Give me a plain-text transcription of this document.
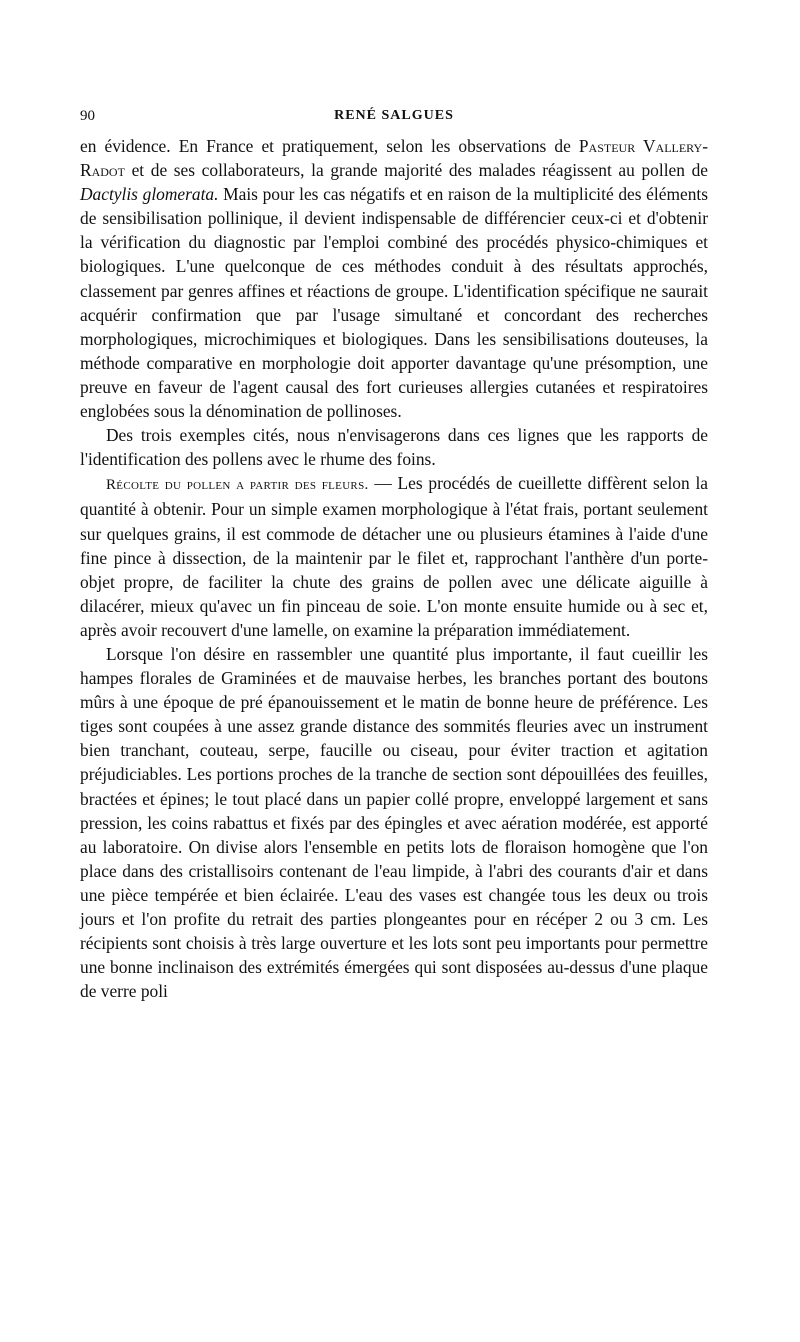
90	RENÉ SALGUES

en évidence. En France et pratiquement, selon les observations de Pasteur Vallery-Radot et de ses collaborateurs, la grande majorité des malades réagissent au pollen de Dactylis glomerata. Mais pour les cas négatifs et en raison de la multiplicité des éléments de sensibilisation pollinique, il devient indispensable de différencier ceux-ci et d'obtenir la vérification du diagnostic par l'emploi combiné des procédés physico-chimiques et biologiques. L'une quelconque de ces méthodes conduit à des résultats approchés, classement par genres affines et réactions de groupe. L'identification spécifique ne saurait acquérir confirmation que par l'usage simultané et concordant des recherches morphologiques, microchimiques et biologiques. Dans les sensibilisations douteuses, la méthode comparative en morphologie doit apporter davantage qu'une présomption, une preuve en faveur de l'agent causal des fort curieuses allergies cutanées et respiratoires englobées sous la dénomination de pollinoses.

Des trois exemples cités, nous n'envisagerons dans ces lignes que les rapports de l'identification des pollens avec le rhume des foins.

Récolte du pollen a partir des fleurs. — Les procédés de cueillette diffèrent selon la quantité à obtenir. Pour un simple examen morphologique à l'état frais, portant seulement sur quelques grains, il est commode de détacher une ou plusieurs étamines à l'aide d'une fine pince à dissection, de la maintenir par le filet et, rapprochant l'anthère d'un porte-objet propre, de faciliter la chute des grains de pollen avec une délicate aiguille à dilacérer, mieux qu'avec un fin pinceau de soie. L'on monte ensuite humide ou à sec et, après avoir recouvert d'une lamelle, on examine la préparation immédiatement.

Lorsque l'on désire en rassembler une quantité plus importante, il faut cueillir les hampes florales de Graminées et de mauvaise herbes, les branches portant des boutons mûrs à une époque de pré épanouissement et le matin de bonne heure de préférence. Les tiges sont coupées à une assez grande distance des sommités fleuries avec un instrument bien tranchant, couteau, serpe, faucille ou ciseau, pour éviter traction et agitation préjudiciables. Les portions proches de la tranche de section sont dépouillées des feuilles, bractées et épines; le tout placé dans un papier collé propre, enveloppé largement et sans pression, les coins rabattus et fixés par des épingles et avec aération modérée, est apporté au laboratoire. On divise alors l'ensemble en petits lots de floraison homogène que l'on place dans des cristallisoirs contenant de l'eau limpide, à l'abri des courants d'air et dans une pièce tempérée et bien éclairée. L'eau des vases est changée tous les deux ou trois jours et l'on profite du retrait des parties plongeantes pour en récéper 2 ou 3 cm. Les récipients sont choisis à très large ouverture et les lots sont peu importants pour permettre une bonne inclinaison des extrémités émergées qui sont disposées au-dessus d'une plaque de verre poli
